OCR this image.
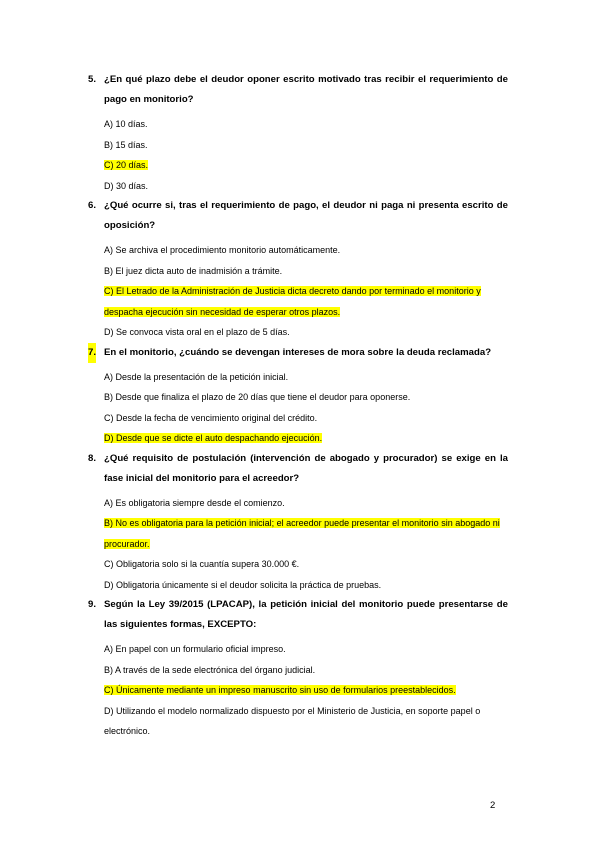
5. ¿En qué plazo debe el deudor oponer escrito motivado tras recibir el requerimiento de pago en monitorio?

A) 10 días.

B) 15 días.

C) 20 días.

D) 30 días.

6. ¿Qué ocurre si, tras el requerimiento de pago, el deudor ni paga ni presenta escrito de oposición?

A) Se archiva el procedimiento monitorio automáticamente.

B) El juez dicta auto de inadmisión a trámite.

C) El Letrado de la Administración de Justicia dicta decreto dando por terminado el monitorio y despacha ejecución sin necesidad de esperar otros plazos.

D) Se convoca vista oral en el plazo de 5 días.

7. En el monitorio, ¿cuándo se devengan intereses de mora sobre la deuda reclamada?

A) Desde la presentación de la petición inicial.

B) Desde que finaliza el plazo de 20 días que tiene el deudor para oponerse.

C) Desde la fecha de vencimiento original del crédito.

D) Desde que se dicte el auto despachando ejecución.

8. ¿Qué requisito de postulación (intervención de abogado y procurador) se exige en la fase inicial del monitorio para el acreedor?

A) Es obligatoria siempre desde el comienzo.

B) No es obligatoria para la petición inicial; el acreedor puede presentar el monitorio sin abogado ni procurador.

C) Obligatoria solo si la cuantía supera 30.000 €.

D) Obligatoria únicamente si el deudor solicita la práctica de pruebas.

9. Según la Ley 39/2015 (LPACAP), la petición inicial del monitorio puede presentarse de las siguientes formas, EXCEPTO:

A) En papel con un formulario oficial impreso.

B) A través de la sede electrónica del órgano judicial.

C) Únicamente mediante un impreso manuscrito sin uso de formularios preestablecidos.

D) Utilizando el modelo normalizado dispuesto por el Ministerio de Justicia, en soporte papel o electrónico.

2
